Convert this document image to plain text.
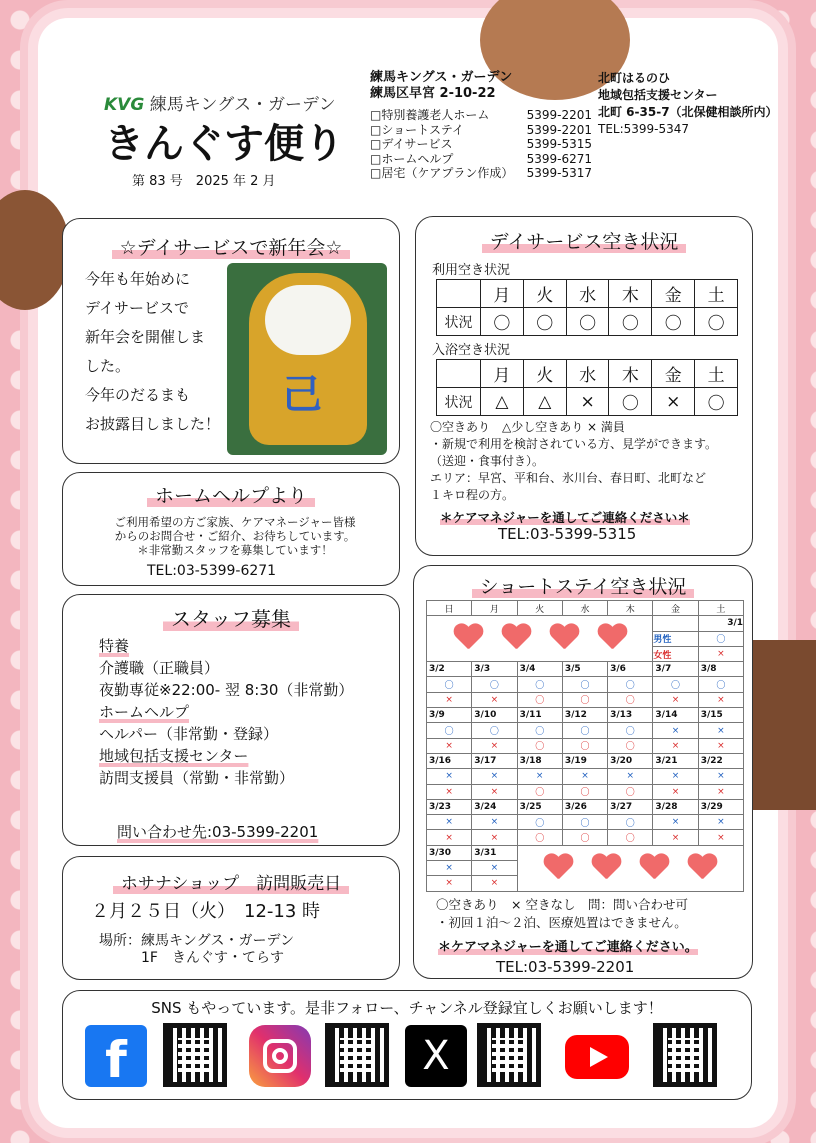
KVG 練馬キングス・ガーデン
きんぐす便り
第 83 号　2025 年 2 月
練馬キングス・ガーデン
練馬区早宮 2-10-22
□特別養護老人ホーム	5399-2201
□ショートステイ	5399-2201
□デイサービス	5399-5315
□ホームヘルプ	5399-6271
□居宅（ケアプラン作成） 5399-5317
北町はるのひ
地域包括支援センター
北町 6-35-7（北保健相談所内）
TEL:5399-5347
☆デイサービスで新年会☆
今年も年始めに
デイサービスで
新年会を開催しま
した。
今年のだるまも
お披露目しました！
己
ホームヘルプより
ご利用希望の方ご家族、ケアマネージャー皆様
からのお問合せ・ご紹介、お待ちしています。
＊非常勤スタッフを募集しています！
TEL:03-5399-6271
スタッフ募集
特養
介護職（正職員）
夜勤専従※22:00- 翌 8:30（非常勤）
ホームヘルプ
ヘルパー（非常勤・登録）
地域包括支援センター
訪問支援員（常勤・非常勤）
問い合わせ先:03-5399-2201
ホサナショップ　訪問販売日
２月２５日（火）　12-13 時
場所：練馬キングス・ガーデン
1F　きんぐす・てらす
デイサービス空き状況
利用空き状況
	月	火	水	木	金	土
状況	〇	〇	〇	〇	〇	〇
入浴空き状況
	月	火	水	木	金	土
状況	△	△	×	〇	×	〇
〇空きあり　△少し空きあり × 満員
・新規で利用を検討されている方、見学ができます。
（送迎・食事付き）。
エリア：早宮、平和台、氷川台、春日町、北町など
１キロ程の方。
＊ケアマネジャーを通してご連絡ください＊
TEL:03-5399-5315
ショートステイ空き状況
日	月	火	水	木	金	土
　　　　　　						3/1
					男性	〇
					女性	×
3/2	3/3	3/4	3/5	3/6	3/7	3/8
〇	〇	〇	〇	〇	〇	〇
×	×	〇	〇	〇	×	×
3/9	3/10	3/11	3/12	3/13	3/14	3/15
〇	〇	〇	〇	〇	×	×
×	×	〇	〇	〇	×	×
3/16	3/17	3/18	3/19	3/20	3/21	3/22
×	×	×	×	×	×	×
×	×	〇	〇	〇	×	×
3/23	3/24	3/25	3/26	3/27	3/28	3/29
×	×	〇	〇	〇	×	×
×	×	〇	〇	〇	×	×
3/30	3/31					　　　　　　
×	×					
×	×					
〇空きあり　× 空きなし　問：問い合わせ可
・初回１泊～２泊、医療処置はできません。
＊ケアマネジャーを通してご連絡ください。
TEL:03-5399-2201
SNS もやっています。是非フォロー、チャンネル登録宜しくお願いします！
f	X
